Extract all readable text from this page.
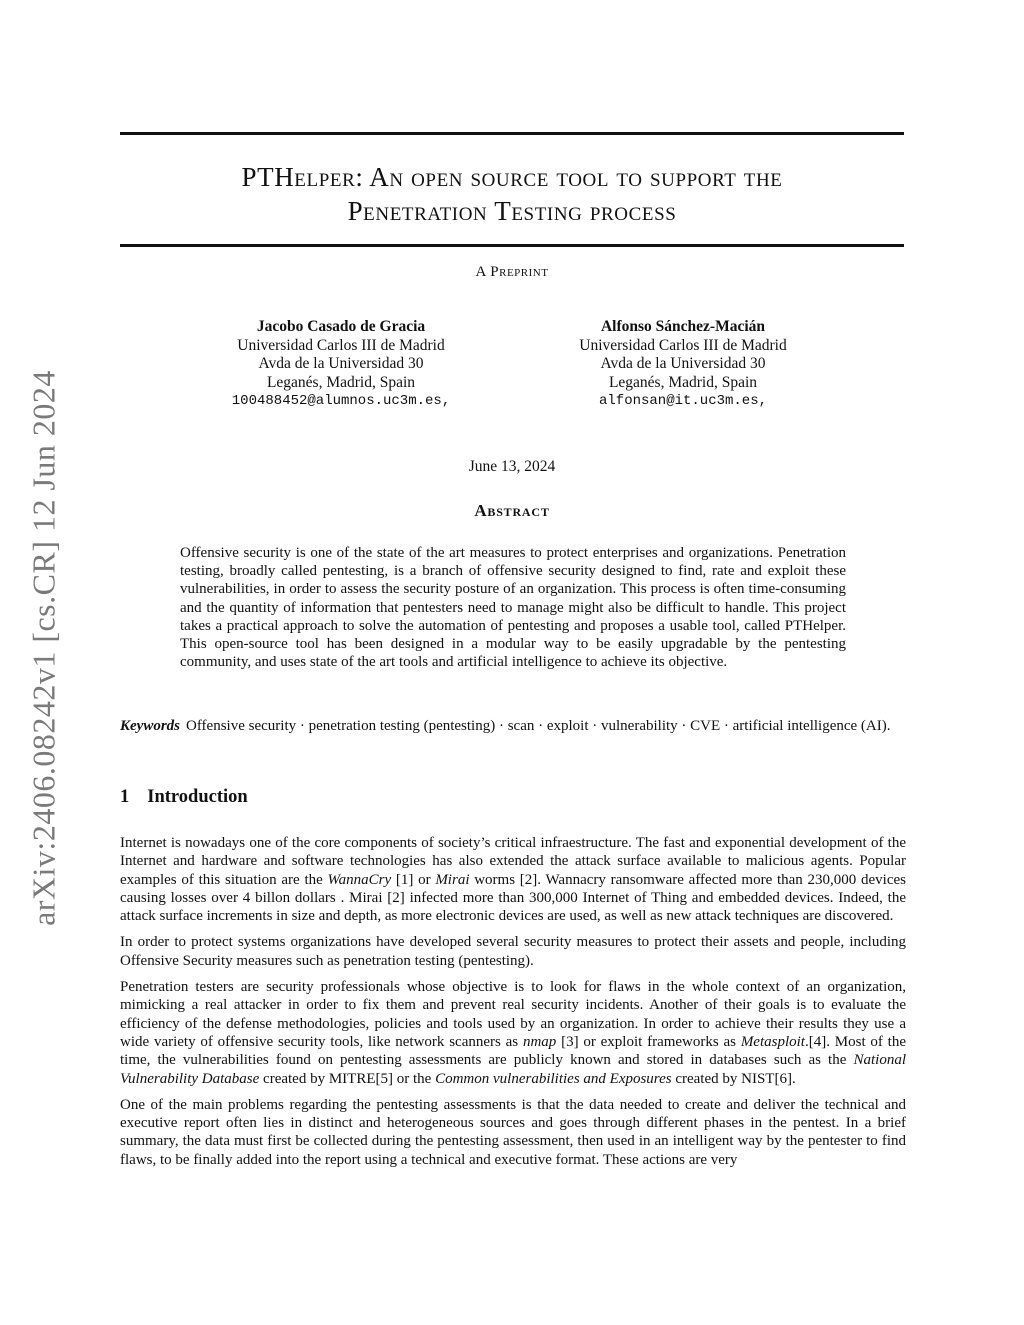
arXiv:2406.08242v1 [cs.CR] 12 Jun 2024
PTHelper: An open source tool to support the
Penetration Testing process
A Preprint
Jacobo Casado de Gracia
Universidad Carlos III de Madrid
Avda de la Universidad 30
Leganés, Madrid, Spain
100488452@alumnos.uc3m.es,
Alfonso Sánchez-Macián
Universidad Carlos III de Madrid
Avda de la Universidad 30
Leganés, Madrid, Spain
alfonsan@it.uc3m.es,
June 13, 2024
Abstract
Offensive security is one of the state of the art measures to protect enterprises and organizations. Penetration testing, broadly called pentesting, is a branch of offensive security designed to find, rate and exploit these vulnerabilities, in order to assess the security posture of an organization. This process is often time-consuming and the quantity of information that pentesters need to manage might also be difficult to handle. This project takes a practical approach to solve the automation of pentesting and proposes a usable tool, called PTHelper. This open-source tool has been designed in a modular way to be easily upgradable by the pentesting community, and uses state of the art tools and artificial intelligence to achieve its objective.
Keywords Offensive security · penetration testing (pentesting) · scan · exploit · vulnerability · CVE · artificial intelligence (AI).
1 Introduction

Internet is nowadays one of the core components of society’s critical infraestructure. The fast and exponential development of the Internet and hardware and software technologies has also extended the attack surface available to malicious agents. Popular examples of this situation are the WannaCry [1] or Mirai worms [2]. Wannacry ransomware affected more than 230,000 devices causing losses over 4 billon dollars . Mirai [2] infected more than 300,000 Internet of Thing and embedded devices. Indeed, the attack surface increments in size and depth, as more electronic devices are used, as well as new attack techniques are discovered.

In order to protect systems organizations have developed several security measures to protect their assets and people, including Offensive Security measures such as penetration testing (pentesting).

Penetration testers are security professionals whose objective is to look for flaws in the whole context of an organization, mimicking a real attacker in order to fix them and prevent real security incidents. Another of their goals is to evaluate the efficiency of the defense methodologies, policies and tools used by an organization. In order to achieve their results they use a wide variety of offensive security tools, like network scanners as nmap [3] or exploit frameworks as Metasploit.[4]. Most of the time, the vulnerabilities found on pentesting assessments are publicly known and stored in databases such as the National Vulnerability Database created by MITRE[5] or the Common vulnerabilities and Exposures created by NIST[6].

One of the main problems regarding the pentesting assessments is that the data needed to create and deliver the technical and executive report often lies in distinct and heterogeneous sources and goes through different phases in the pentest. In a brief summary, the data must first be collected during the pentesting assessment, then used in an intelligent way by the pentester to find flaws, to be finally added into the report using a technical and executive format. These actions are very
